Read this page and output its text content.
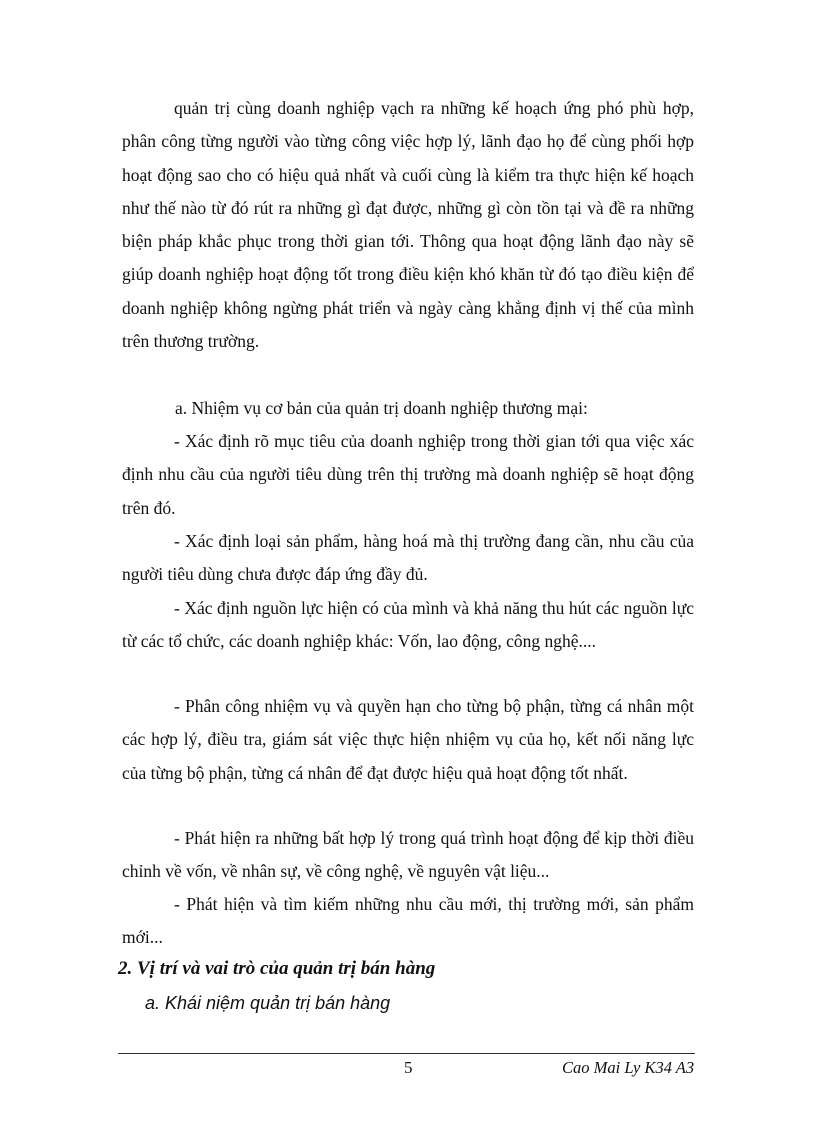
quản trị cùng doanh nghiệp vạch ra những kế hoạch ứng phó phù hợp, phân công từng người vào từng công việc hợp lý, lãnh đạo họ để cùng phối hợp hoạt động sao cho có hiệu quả nhất và cuối cùng là kiểm tra thực hiện kế hoạch như thế nào từ đó rút ra những gì đạt được, những gì còn tồn tại và đề ra những biện pháp khắc phục trong thời gian tới. Thông qua hoạt động lãnh đạo này sẽ giúp doanh nghiệp hoạt động tốt trong điều kiện khó khăn từ đó tạo điều kiện để doanh nghiệp không ngừng phát triển và ngày càng khẳng định vị thế của mình trên thương trường.

a. Nhiệm vụ cơ bản của quản trị doanh nghiệp thương mại:

- Xác định rõ mục tiêu của doanh nghiệp trong thời gian tới qua việc xác định nhu cầu của người tiêu dùng trên thị trường mà doanh nghiệp sẽ hoạt động trên đó.

- Xác định loại sản phẩm, hàng hoá mà thị trường đang cần, nhu cầu của người tiêu dùng chưa được đáp ứng đầy đủ.

- Xác định nguồn lực hiện có của mình và khả năng thu hút các nguồn lực từ các tổ chức, các doanh nghiệp khác: Vốn, lao động, công nghệ....

- Phân công nhiệm vụ và quyền hạn cho từng bộ phận, từng cá nhân một các hợp lý, điều tra, giám sát việc thực hiện nhiệm vụ của họ, kết nối năng lực của từng bộ phận, từng cá nhân để đạt được hiệu quả hoạt động tốt nhất.

- Phát hiện ra những bất hợp lý trong quá trình hoạt động để kịp thời điều chỉnh về vốn, về nhân sự, về công nghệ, về nguyên vật liệu...

- Phát hiện và tìm kiếm những nhu cầu mới, thị trường mới, sản phẩm mới...

2. Vị trí và vai trò của quản trị bán hàng

a. Khái niệm quản trị bán hàng

5	Cao Mai Ly K34 A3
